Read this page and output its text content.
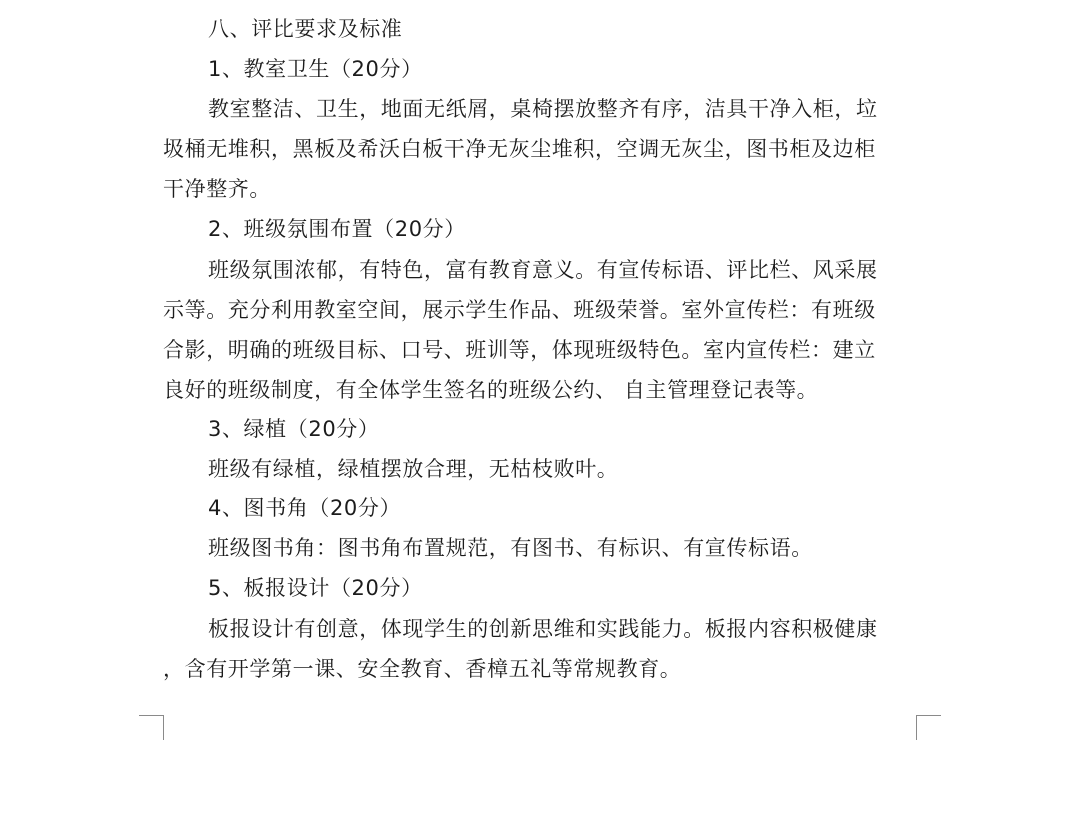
八、评比要求及标准
1、教室卫生（20分）
教室整洁、卫生，地面无纸屑，桌椅摆放整齐有序，洁具干净入柜，垃
圾桶无堆积，黑板及希沃白板干净无灰尘堆积，空调无灰尘，图书柜及边柜
干净整齐。
2、班级氛围布置（20分）
班级氛围浓郁，有特色，富有教育意义。有宣传标语、评比栏、风采展
示等。充分利用教室空间，展示学生作品、班级荣誉。室外宣传栏：有班级
合影，明确的班级目标、口号、班训等，体现班级特色。室内宣传栏：建立
良好的班级制度，有全体学生签名的班级公约、 自主管理登记表等。
3、绿植（20分）
班级有绿植，绿植摆放合理，无枯枝败叶。
4、图书角（20分）
班级图书角：图书角布置规范，有图书、有标识、有宣传标语。
5、板报设计（20分）
板报设计有创意，体现学生的创新思维和实践能力。板报内容积极健康
，含有开学第一课、安全教育、香樟五礼等常规教育。
